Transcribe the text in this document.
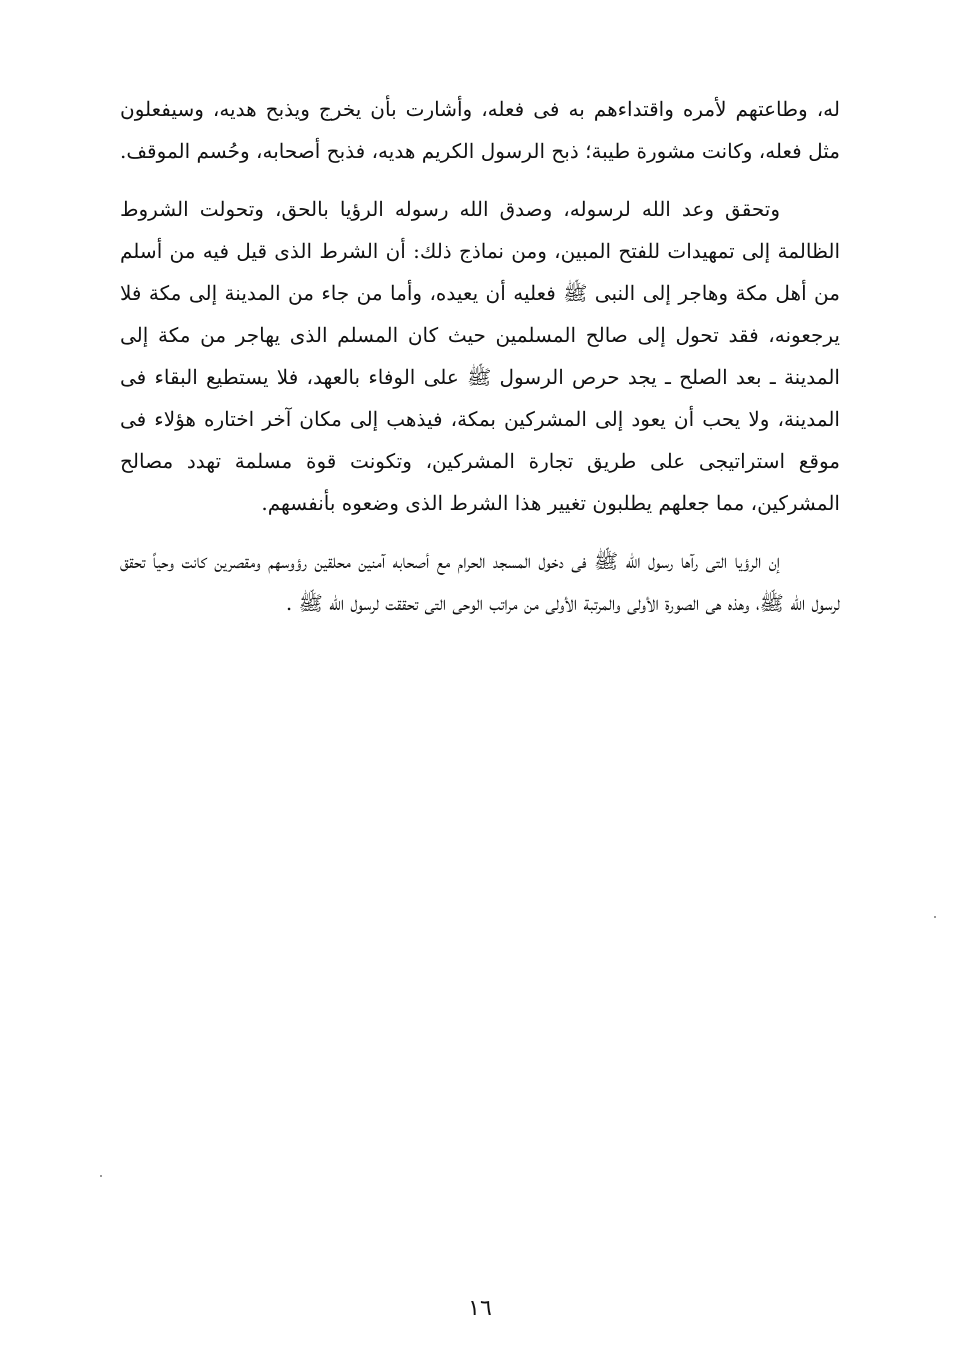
له، وطاعتهم لأمره واقتداءهم به فى فعله، وأشارت بأن يخرج ويذبح هديه، وسيفعلون مثل فعله، وكانت مشورة طيبة؛ ذبح الرسول الكريم هديه، فذبح أصحابه، وحُسم الموقف.

وتحقق وعد الله لرسوله، وصدق الله رسوله الرؤيا بالحق، وتحولت الشروط الظالمة إلى تمهيدات للفتح المبين، ومن نماذج ذلك: أن الشرط الذى قيل فيه من أسلم من أهل مكة وهاجر إلى النبى ﷺ فعليه أن يعيده، وأما من جاء من المدينة إلى مكة فلا يرجعونه، فقد تحول إلى صالح المسلمين حيث كان المسلم الذى يهاجر من مكة إلى المدينة ـ بعد الصلح ـ يجد حرص الرسول ﷺ على الوفاء بالعهد، فلا يستطيع البقاء فى المدينة، ولا يحب أن يعود إلى المشركين بمكة، فيذهب إلى مكان آخر اختاره هؤلاء فى موقع استراتيجى على طريق تجارة المشركين، وتكونت قوة مسلمة تهدد مصالح المشركين، مما جعلهم يطلبون تغيير هذا الشرط الذى وضعوه بأنفسهم.

إن الرؤيا التى رآها رسول الله ﷺ فى دخول المسجد الحرام مع أصحابه آمنين محلقين رؤوسهم ومقصرين كانت وحياً تحقق لرسول الله ﷺ، وهذه هى الصورة الأولى والمرتبة الأولى من مراتب الوحى التى تحققت لرسول الله ﷺ .

١٦
